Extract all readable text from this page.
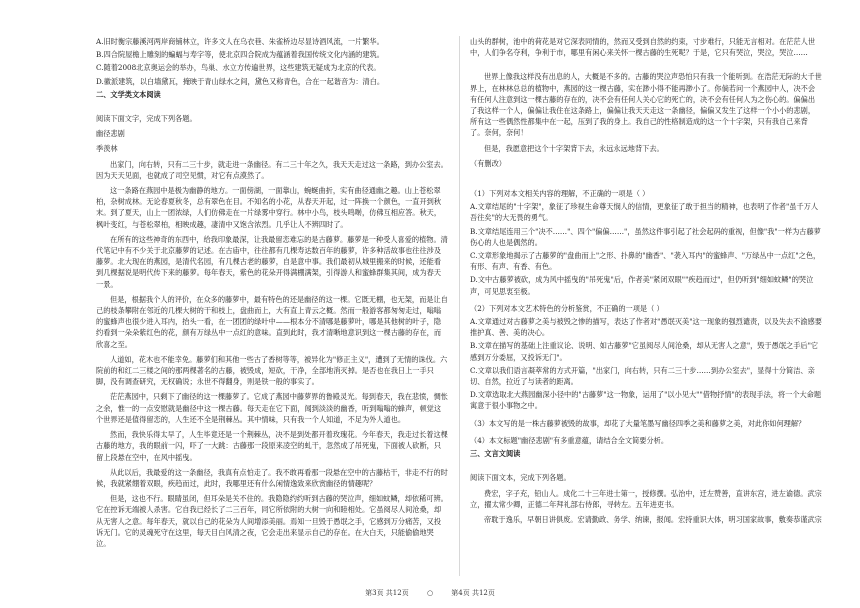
A.旧时衡宗藤溪河两岸商铺林立，许多文人在乌衣巷、朱雀桥边尽显诗酒风流，一片繁华。
B.四合院屋檐上雕刻的蝙蝠与寿字等，使北京四合院成为蕴涵着我国传统文化内涵的建筑。
C.随着2008北京奥运会的举办，鸟巢、水立方传遍世界，这些建筑无疑成为北京的代表。
D.徽派建筑，以白墙黛瓦，掩映于青山绿水之间，黛色又称青色，合在一起谐音为：清白。

二、文学类文本阅读

阅读下面文字，完成下列各题。

幽径悲剧

季羡林

出家门，向右转，只有二三十步，就走进一条幽径。有二三十年之久，我天天走过这一条路，到办公室去。因为天天见面，也就成了司空见惯，对它有点漠然了。

这一条路在燕园中是极为幽静的地方。一面傍湖，一面靠山，蜿蜒曲折，实有曲径通幽之趣。山上苍松翠柏，杂树成林。无论春夏秋冬，总有翠色在目。不知名的小花，从春天开起，过一阵换一个颜色，一直开到秋末。到了夏天，山上一团浓绿，人们仿佛走在一片绿雾中穿行。林中小鸟，枝头鸣啭，仿佛互相应答。秋天，枫叶变红，与苍松翠柏，相映成趣，凄清中又饱含浓烈。几乎让人不辨四时了。

在所有的这些神奇的东西中，给我印象最深，让我最留恋难忘的是古藤萝。藤萝是一种受人喜爱的植物。清代笔记中有不少关于北京藤萝的记述。在古庙中，往往都有几棵寿达数百年的藤萝，许多种活故事也往往涉及藤萝。北大现在的燕园，是清代名园，有几棵古老的藤萝，自是意中事。我们最初从城里搬来的时候，还能看到几棵据说是明代传下来的藤萝。每年春天，紫色的花朵开得满棚满架，引得游人和蜜蜂群集其间，成为春天一景。

但是，根据我个人的评价，在众多的藤萝中，最有特色的还是幽径的这一棵。它既无棚，也无架，而是让自己的枝条攀附在邻近的几棵大树的干和枝上，盘曲而上，大有直上青云之概。然而一般游客都匆匆走过，嗡嗡的蜜蜂声也很少进入耳内，抬头一看，在一团团的绿叶中——根本分不清哪是藤萝叶，哪是其他树的叶子，隐约看到一朵朵紫红色的花，颜有万绿丛中一点红的意味。直到此时，我才清晰地意识到这一棵古藤的存在，而欣喜之至。

人道如，花木也不能幸免。藤萝们和其他一些古了香树等等，被异化为"修正主义"，遭到了无情的诛伐。六院前的和红二三楼之间的那两棵著名的古藤，被毁成，短砍，干净，全部地消灭掉。是否也在我日上一手只脚，没有调查研究，无权确说；永世不得翻身，则是铁一般的事实了。

茫茫燕园中，只剩下了幽径的这一棵藤萝了。它成了燕园中藤萝界的鲁殿灵光。每到春天，我在悲愤，惆怅之余，惟一的一点安慰就是幽径中这一棵古藤。每天走在它下面，闻到淡淡的幽香，听到嗡嗡的蜂声，顿觉这个世界还是值得留恋的，人生还不全是荆棘丛。其中情味，只有我一个人知道，不足为外人道也。

然而，我快乐得太早了，人生毕竟还是一个荆棘丛，决不是到处都开着玫瑰花。今年春天，我走过长着这棵古藤的地方，我的眼前一闪，吓了一大跳：古藤那一段原来凌空的虬干，忽然成了吊死鬼，下面被人砍断，只留上段悬在空中，在风中摇曳。

从此以后，我最爱的这一条幽径，我真有点怕走了。我不敢再看那一段悬在空中的古藤枯干，非走不行的时候，我就紧绷着双眼，疾趋而过，此时，我哪里还有什么闲情逸致来欣赏幽径的情趣呢？

但是，这也不行。眼睛虽闭，但耳朵是关不住的。我隐隐约约听到古藤的哭泣声，细如蚊鳞，却依稀可辨。它在控诉无端被人杀害。它自我已经长了二三百年，同它所依附的大树一向和睦相处。它虽阅尽人间沧桑，却从无害人之意。每年春天，就以自己的花朵为人间增添美丽。焉知一旦毁于愚氓之手，它感到万分痛苦，又投诉无门。它的灵魂死守在这里，每天目白风清之夜，它会走出来显示自己的存在。在大白天，只能偷偷地哭泣。

山头的群树，池中的荷花是对它深表同情的，然而又受到自然的约束，寸步难行，只能无言相对。在茫茫人世中，人们争名夺利，争利于市，哪里有闲心来关怀一棵古藤的生死呢？于是，它只有哭泣，哭泣，哭泣……

世界上像我这样没有出息的人，大概是不多的。古藤的哭泣声恐怕只有我一个能听到。在浩茫无际的大千世界上，在林林总总的植物中，燕园的这一棵古藤，实在渺小得不能再渺小了。你倘若问一个燕园中人，决不会有任何人注意到这一棵古藤的存在的，决不会有任何人关心它的死亡的，决不会有任何人为之伤心的。偏偏出了我这样一个人，偏偏让我住在这条路上，偏偏让我天天走这一条幽径，偏偏又发生了这样一个小小的悲剧，所有这一些偶然性都集中在一起，压到了我的身上。我自己的性格制造成的这一个十字架，只有我自己来背了。奈何，奈何！

但是，我愿意把这个十字架背下去，永远永远地背下去。

（有删改）

（1）下列对本文相关内容的理解，不正确的一项是（ ）

A.文章结尾的"十字架"，象征了珍视生命尊天悯人的信情，更象征了敢于担当的精神，也表明了作者"虽千万人吾往矣"的大无畏的勇气。
B.文章结尾连用三个"决不……"、四个"偏偏……"，虽然这件事引起了社会起码的重视，但像"我"一样为古藤萝伤心的人也是偶然的。
C.文章形象地揭示了古藤萝的"盘曲而上"之形、扑鼻的"幽香"、"袭入耳内"的蜜蜂声、"万绿丛中一点红"之色，有形、有声、有香、有色。
D.文中古藤萝被砍，成为风中摇曳的"吊死鬼"后，作者美"紧闭双眼""疾趋而过"，但仍听到"细如蚊鳞"的哭泣声，可见思衷至极。

（2）下列对本文艺术特色的分析鉴赏，不正确的一项是（ ）

A.文章通过对古藤萝之美与被毁之惨的描写，表达了作者对"愚氓灭美"这一现象的强烈谴责，以及失去不渝感要推护真、善、美的决心。
B.文章在描写的基础上注重议论、说明、如古藤萝"它虽阅尽人间沧桑，却从无害人之意"，毁于愚氓之手后"它感到万分委屈，又投诉无门"。
C.文章以我们语言凝萃常的方式开篇，"出家门，向右转，只有二三十步……到办公室去"，显得十分简洁、亲切、自然，拉近了与读者的距离。
D.文章选取北大燕园幽深小径中的"古藤萝"这一物象，运用了"以小见大""借物抒情"的表现手法，将一个大命题寓意于很小事物之中。

（3）本文写的是一株古藤萝被毁的故事，却花了大量笔墨写幽径四季之美和藤萝之美，对此你如何理解？

（4）本文标题"幽径悲剧"有多重意蕴，请结合全文简要分析。

三、文言文阅读

阅读下面文本，完成下列各题。

费宏，字子充，铅山人。成化二十三年进士第一，授修撰。弘治中，迁左赞善，直讲东宫，进左谕德。武宗立，擢太常少卿，正德二年拜礼部右侍郎，寻转左。五年进吏书。

帝耽于逸乐，早朝日讲俱废。宏请勤政、务学、纳谏，报闻。宏持重识大体，明习国家故事，敷奏恭谨武宗

第3页 共12页	○	第4页 共12页
